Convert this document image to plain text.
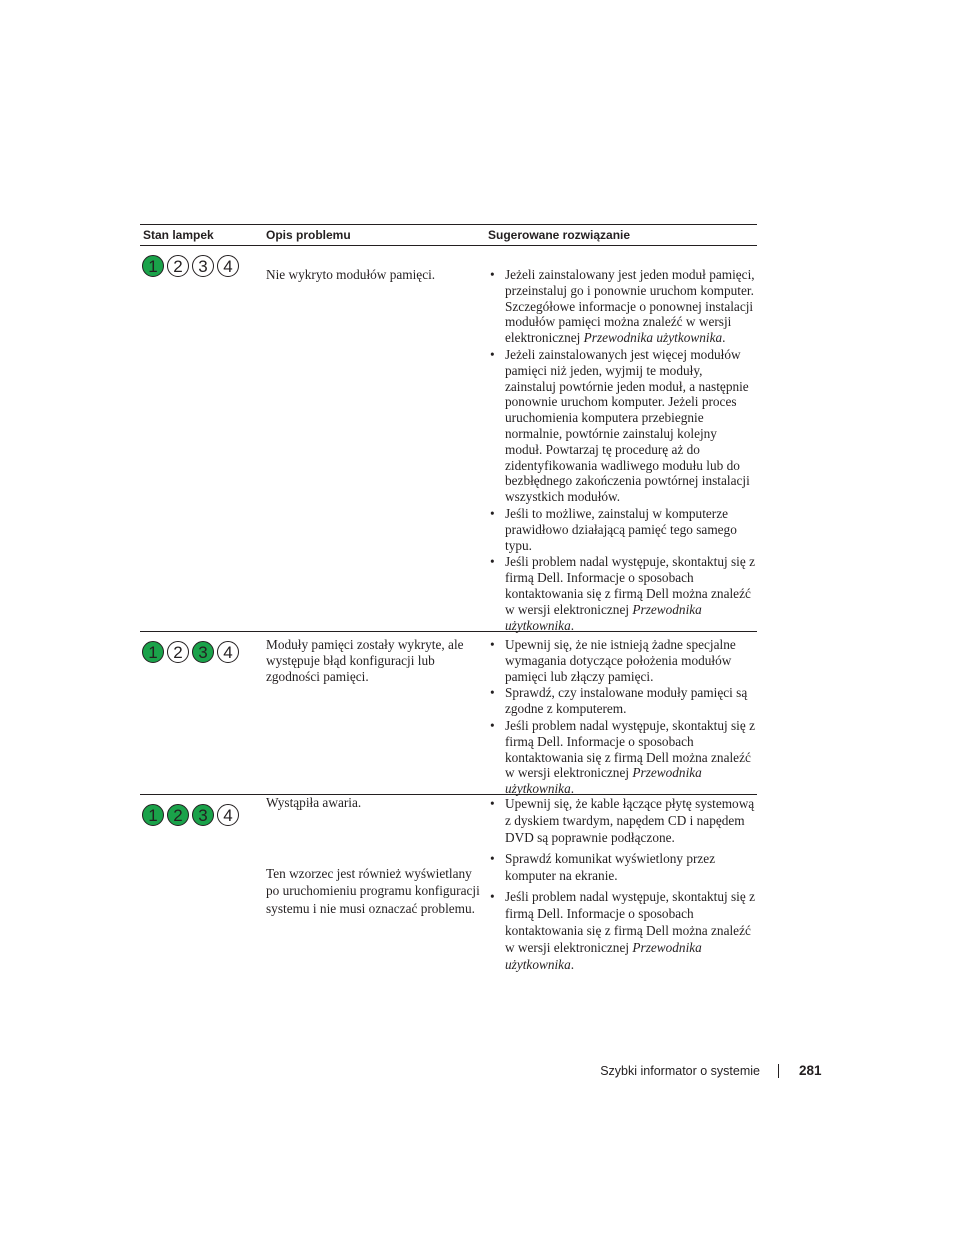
Stan lampek	Opis problemu	Sugerowane rozwiązanie
1 2 3 4	Nie wykryto modułów pamięci.
•	Jeżeli zainstalowany jest jeden moduł pamięci, przeinstaluj go i ponownie uruchom komputer. Szczegółowe informacje o ponownej instalacji modułów pamięci można znaleźć w wersji elektronicznej Przewodnika użytkownika.
• Jeżeli zainstalowanych jest więcej modułów pamięci niż jeden, wyjmij te moduły, zainstaluj powtórnie jeden moduł, a następnie ponownie uruchom komputer. Jeżeli proces uruchomienia komputera przebiegnie normalnie, powtórnie zainstaluj kolejny moduł. Powtarzaj tę procedurę aż do zidentyfikowania wadliwego modułu lub do bezbłędnego zakończenia powtórnej instalacji wszystkich modułów.
• Jeśli to możliwe, zainstaluj w komputerze prawidłowo działającą pamięć tego samego typu.
• Jeśli problem nadal występuje, skontaktuj się z firmą Dell. Informacje o sposobach kontaktowania się z firmą Dell można znaleźć w wersji elektronicznej Przewodnika użytkownika.
1 2 3 4	Moduły pamięci zostały wykryte, ale występuje błąd konfiguracji lub zgodności pamięci.
• Upewnij się, że nie istnieją żadne specjalne wymagania dotyczące położenia modułów pamięci lub złączy pamięci.
• Sprawdź, czy instalowane moduły pamięci są zgodne z komputerem.
• Jeśli problem nadal występuje, skontaktuj się z firmą Dell. Informacje o sposobach kontaktowania się z firmą Dell można znaleźć w wersji elektronicznej Przewodnika użytkownika.
1 2 3 4
Wystąpiła awaria.
Ten wzorzec jest również wyświetlany po uruchomieniu programu konfiguracji systemu i nie musi oznaczać problemu.
• Upewnij się, że kable łączące płytę systemową z dyskiem twardym, napędem CD i napędem DVD są poprawnie podłączone.
• Sprawdź komunikat wyświetlony przez komputer na ekranie.
• Jeśli problem nadal występuje, skontaktuj się z firmą Dell. Informacje o sposobach kontaktowania się z firmą Dell można znaleźć w wersji elektronicznej Przewodnika użytkownika.
Szybki informator o systemie	281
